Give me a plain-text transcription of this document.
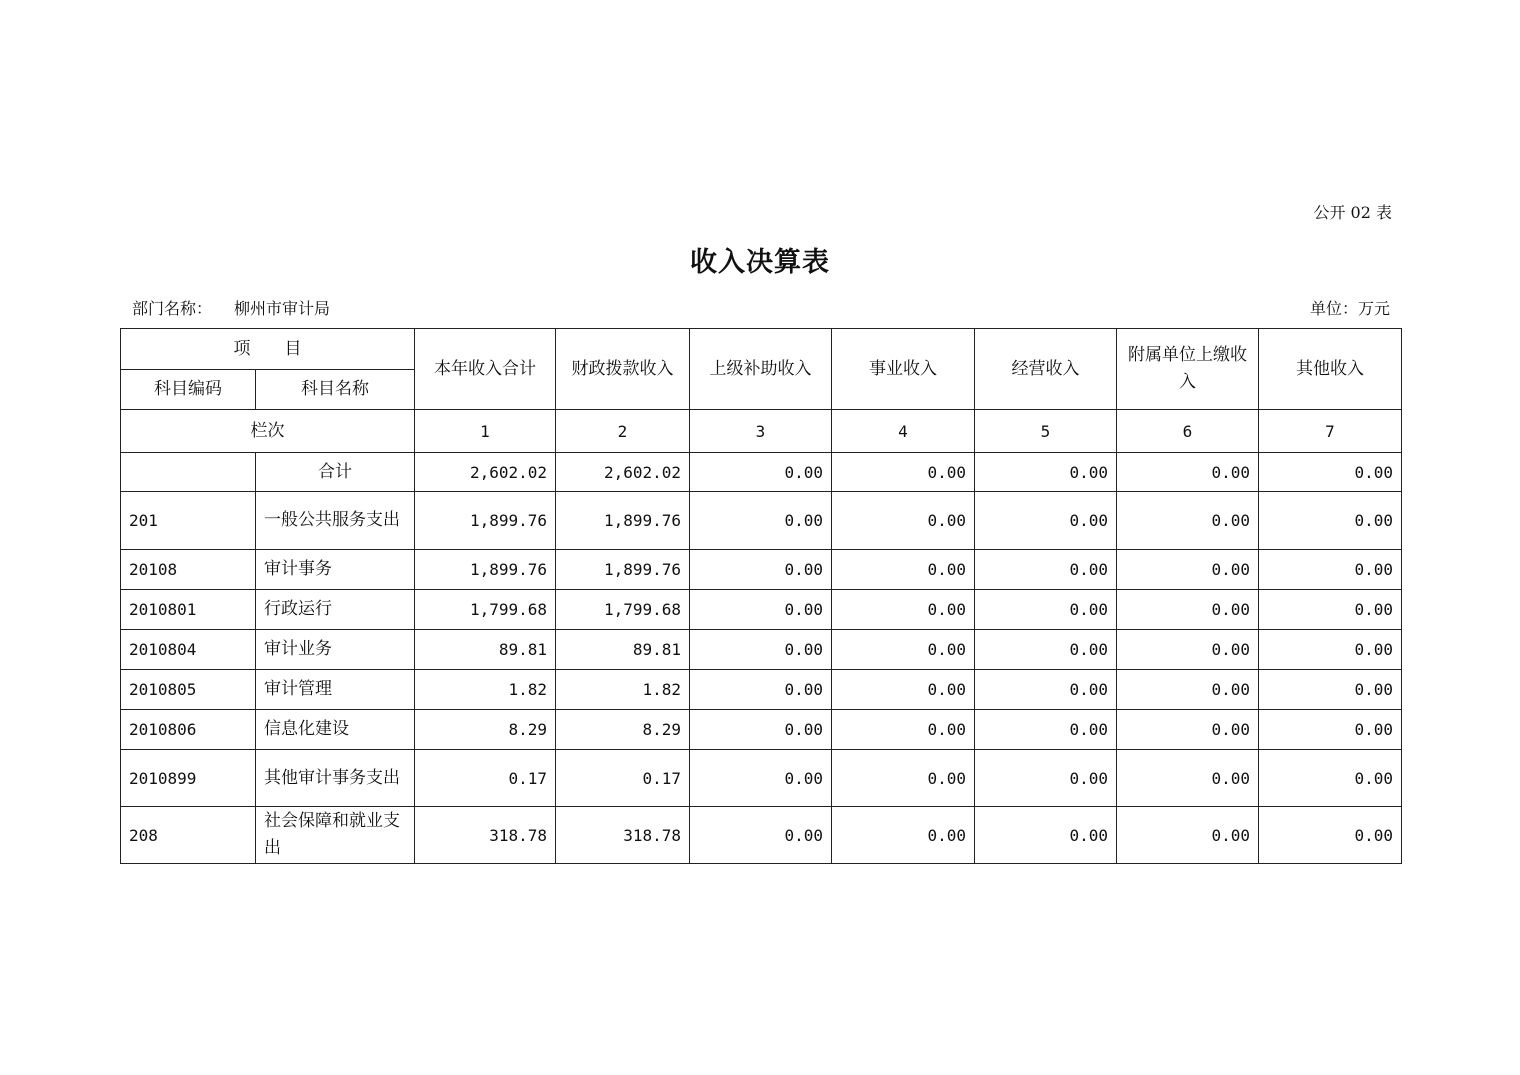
公开 02 表
收入决算表
部门名称： 柳州市审计局	单位：万元
项　　目		本年收入合计	财政拨款收入	上级补助收入	事业收入	经营收入	附属单位上缴收入	其他收入
科目编码	科目名称							
栏次		1	2	3	4	5	6	7
	合计	2,602.02	2,602.02	0.00	0.00	0.00	0.00	0.00
201	一般公共服务支出	1,899.76	1,899.76	0.00	0.00	0.00	0.00	0.00
20108	审计事务	1,899.76	1,899.76	0.00	0.00	0.00	0.00	0.00
2010801	行政运行	1,799.68	1,799.68	0.00	0.00	0.00	0.00	0.00
2010804	审计业务	89.81	89.81	0.00	0.00	0.00	0.00	0.00
2010805	审计管理	1.82	1.82	0.00	0.00	0.00	0.00	0.00
2010806	信息化建设	8.29	8.29	0.00	0.00	0.00	0.00	0.00
2010899	其他审计事务支出	0.17	0.17	0.00	0.00	0.00	0.00	0.00
208	社会保障和就业支出	318.78	318.78	0.00	0.00	0.00	0.00	0.00
